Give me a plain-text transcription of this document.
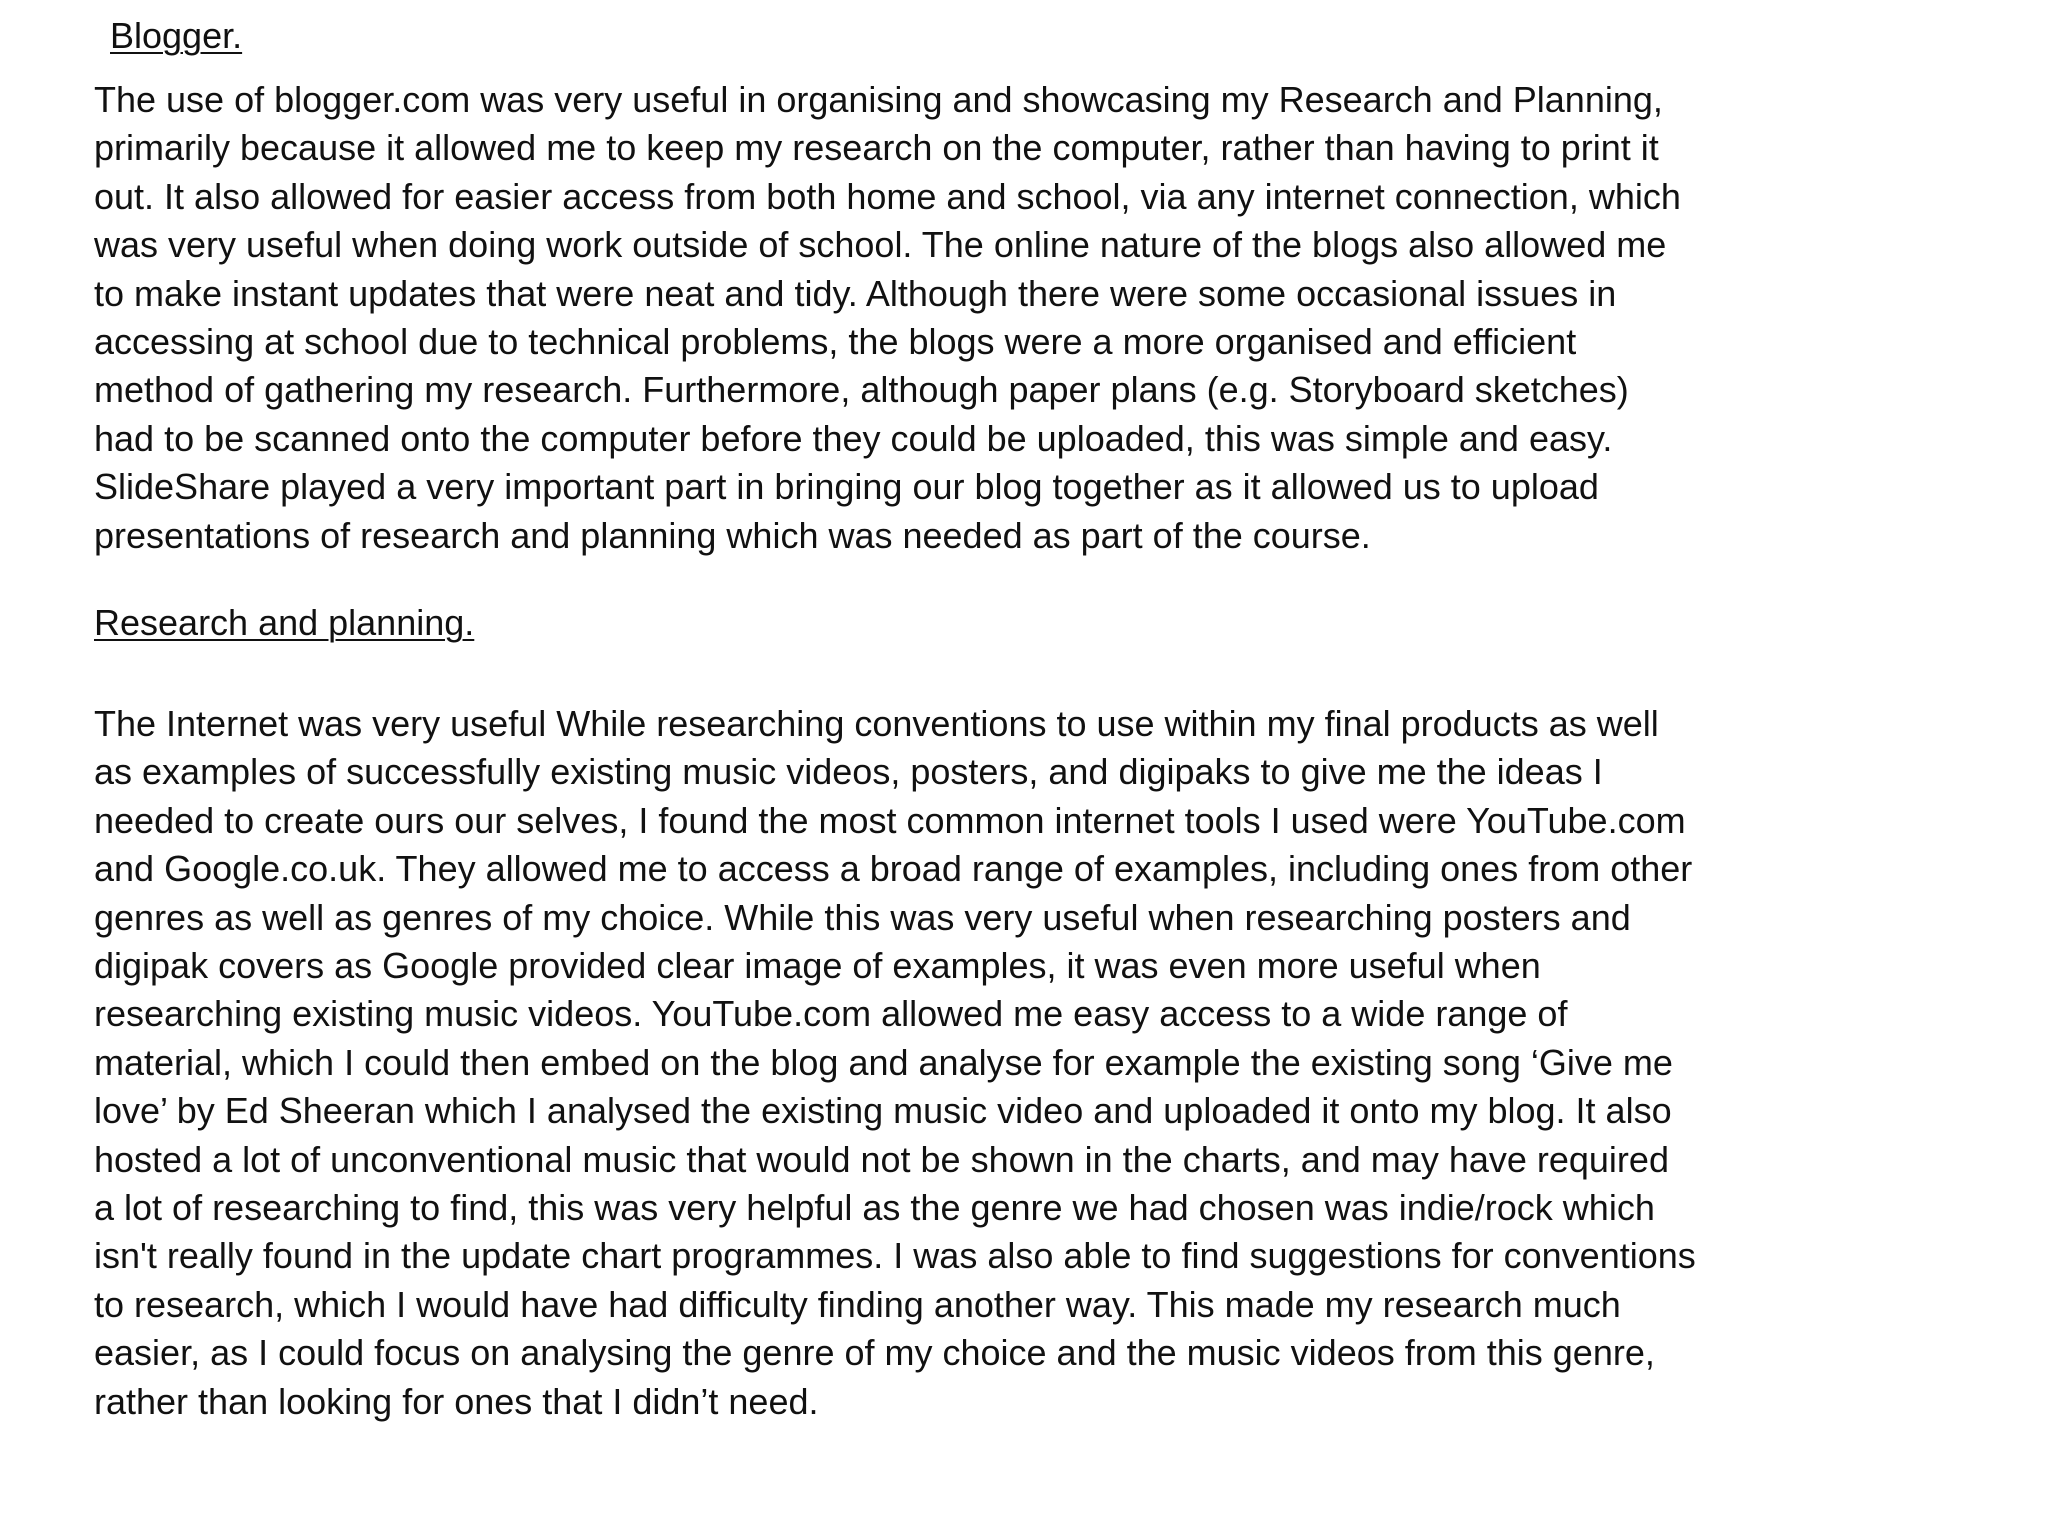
Blogger.

The use of blogger.com was very useful in organising and showcasing my Research and Planning,
primarily because it allowed me to keep my research on the computer, rather than having to print it
out. It also allowed for easier access from both home and school, via any internet connection, which
was very useful when doing work outside of school. The online nature of the blogs also allowed me
to make instant updates that were neat and tidy. Although there were some occasional issues in
accessing at school due to technical problems, the blogs were a more organised and efficient
method of gathering my research. Furthermore, although paper plans (e.g. Storyboard sketches)
had to be scanned onto the computer before they could be uploaded, this was simple and easy.
SlideShare played a very important part in bringing our blog together as it allowed us to upload
presentations of research and planning which was needed as part of the course.

Research and planning.

The Internet was very useful While researching conventions to use within my final products as well
as examples of successfully existing music videos, posters, and digipaks to give me the ideas I
needed to create ours our selves, I found the most common internet tools I used were YouTube.com
and Google.co.uk. They allowed me to access a broad range of examples, including ones from other
genres as well as genres of my choice. While this was very useful when researching posters and
digipak covers as Google provided clear image of examples, it was even more useful when
researching existing music videos. YouTube.com allowed me easy access to a wide range of
material, which I could then embed on the blog and analyse for example the existing song ‘Give me
love’ by Ed Sheeran which I analysed the existing music video and uploaded it onto my blog. It also
hosted a lot of unconventional music that would not be shown in the charts, and may have required
a lot of researching to find, this was very helpful as the genre we had chosen was indie/rock which
isn't really found in the update chart programmes. I was also able to find suggestions for conventions
to research, which I would have had difficulty finding another way. This made my research much
easier, as I could focus on analysing the genre of my choice and the music videos from this genre,
rather than looking for ones that I didn’t need.
